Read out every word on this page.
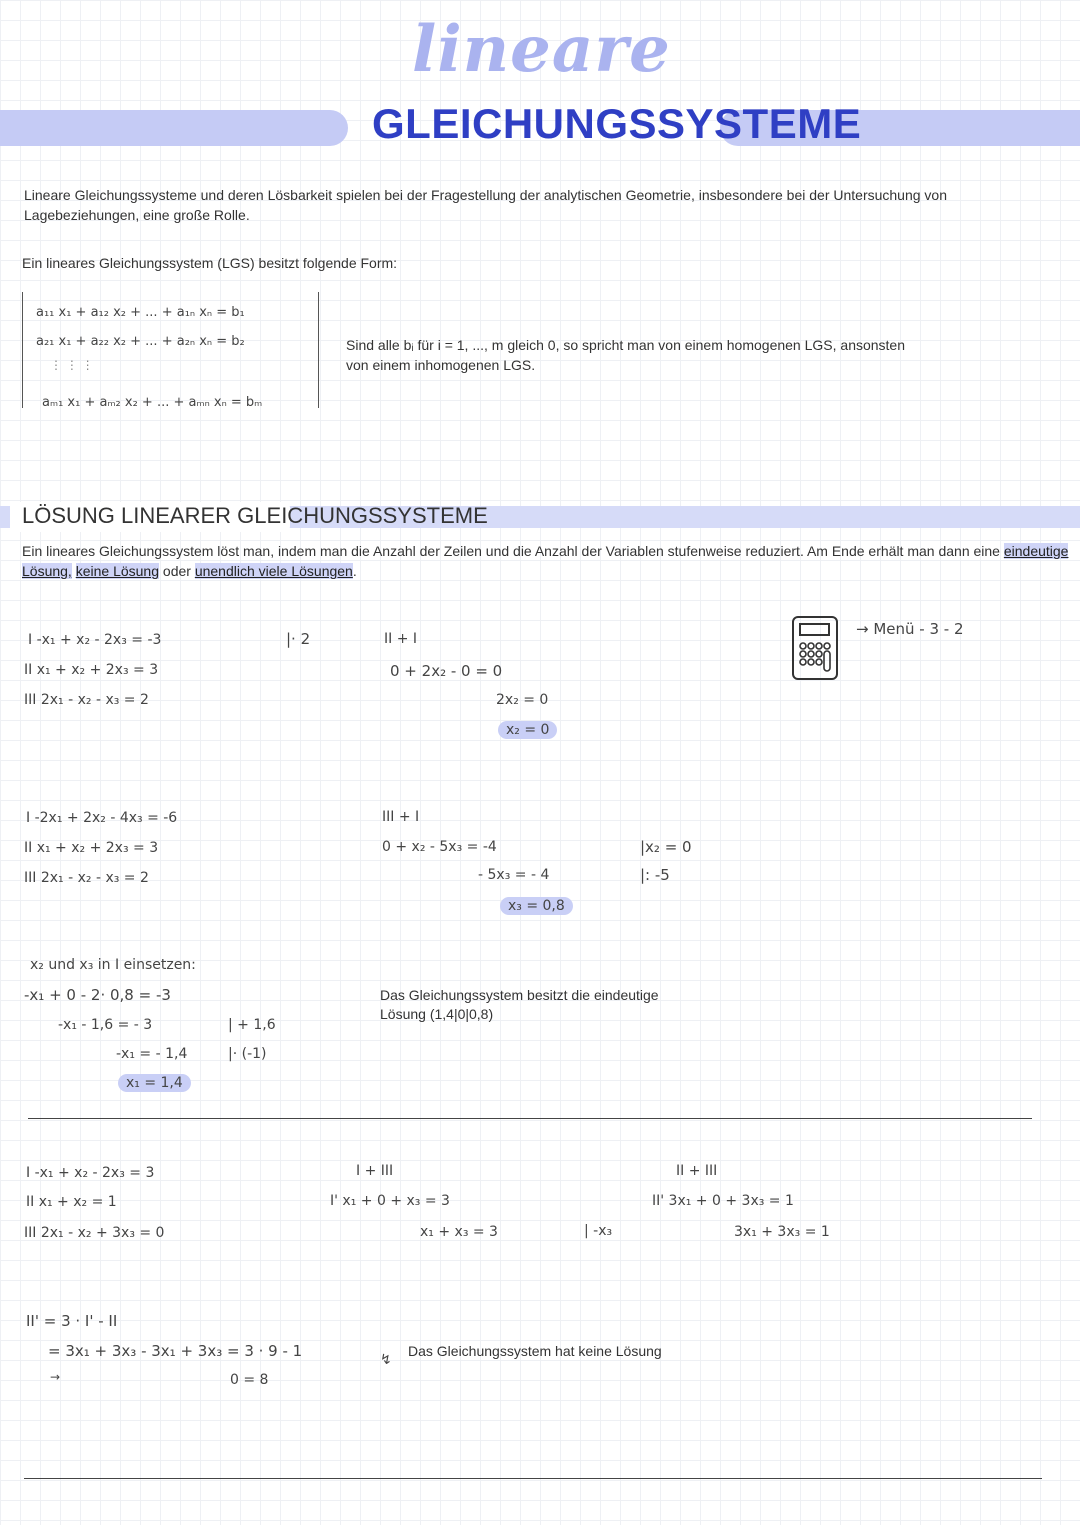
lineare
GLEICHUNGSSYSTEME
Lineare Gleichungssysteme und deren Lösbarkeit spielen bei der Fragestellung der analytischen Geometrie, insbesondere bei der Untersuchung von Lagebeziehungen, eine große Rolle.
Ein lineares Gleichungssystem (LGS) besitzt folgende Form:
a₁₁ x₁ + a₁₂ x₂ + ... + a₁ₙ xₙ = b₁
a₂₁ x₁ + a₂₂ x₂ + ... + a₂ₙ xₙ = b₂
⋮ ⋮ ⋮
aₘ₁ x₁ + aₘ₂ x₂ + ... + aₘₙ xₙ = bₘ
Sind alle bᵢ für i = 1, ..., m gleich 0, so spricht man von einem homogenen LGS, ansonsten von einem inhomogenen LGS.
LÖSUNG LINEARER GLEICHUNGSSYSTEME
Ein lineares Gleichungssystem löst man, indem man die Anzahl der Zeilen und die Anzahl der Variablen stufenweise reduziert. Am Ende erhält man dann eine eindeutige Lösung, keine Lösung oder unendlich viele Lösungen.
→ Menü - 3 - 2
I -x₁ + x₂ - 2x₃ = -3	|· 2
II x₁ + x₂ + 2x₃ = 3
III 2x₁ - x₂ - x₃ = 2
II + I
0 + 2x₂ - 0 = 0
2x₂ = 0
x₂ = 0
I -2x₁ + 2x₂ - 4x₃ = -6
II x₁ + x₂ + 2x₃ = 3
III 2x₁ - x₂ - x₃ = 2
III + I
0 + x₂ - 5x₃ = -4	|x₂ = 0
- 5x₃ = - 4	|: -5
x₃ = 0,8
x₂ und x₃ in I einsetzen:
-x₁ + 0 - 2· 0,8 = -3
-x₁ - 1,6 = - 3	| + 1,6
-x₁ = - 1,4	|· (-1)
x₁ = 1,4
Das Gleichungssystem besitzt die eindeutige Lösung (1,4|0|0,8)
I -x₁ + x₂ - 2x₃ = 3
II x₁ + x₂ = 1
III 2x₁ - x₂ + 3x₃ = 0
I + III
I' x₁ + 0 + x₃ = 3
x₁ + x₃ = 3	| -x₃
II + III
II' 3x₁ + 0 + 3x₃ = 1
3x₁ + 3x₃ = 1
II' = 3 · I' - II
= 3x₁ + 3x₃ - 3x₁ + 3x₃ = 3 · 9 - 1
→	0 = 8
↯
Das Gleichungssystem hat keine Lösung
